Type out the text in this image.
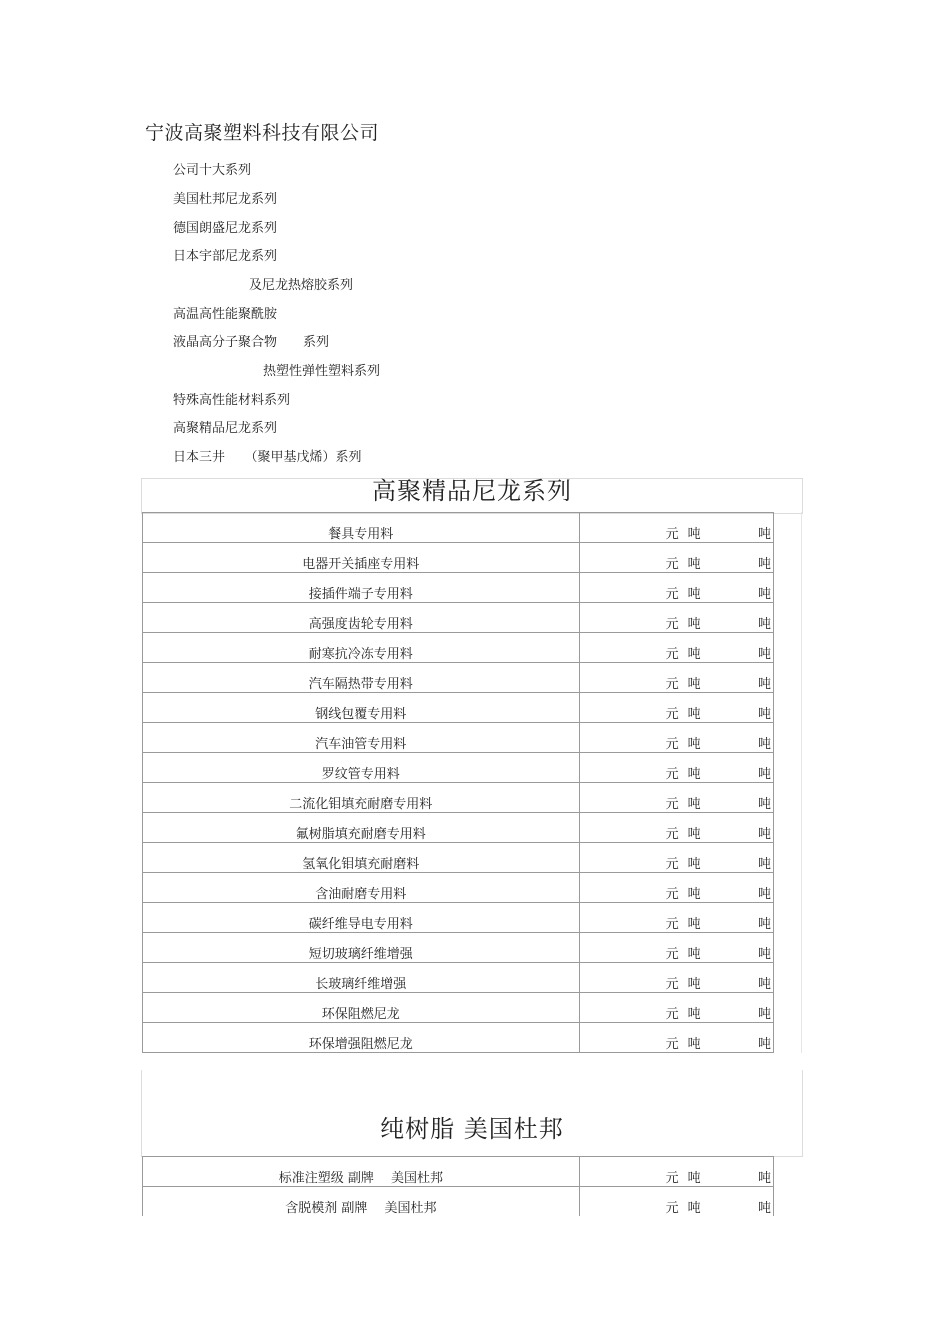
宁波高聚塑料科技有限公司
公司十大系列
美国杜邦尼龙系列
德国朗盛尼龙系列
日本宇部尼龙系列
及尼龙热熔胶系列
高温高性能聚酰胺
液晶高分子聚合物　　系列
热塑性弹性塑料系列
特殊高性能材料系列
高聚精品尼龙系列
日本三井　　（聚甲基戊烯）系列
高聚精品尼龙系列
餐具专用料	元 吨 吨

电器开关插座专用料	元 吨 吨

接插件端子专用料	元 吨 吨

高强度齿轮专用料	元 吨 吨

耐寒抗冷冻专用料	元 吨 吨

汽车隔热带专用料	元 吨 吨

钢线包覆专用料	元 吨 吨

汽车油管专用料	元 吨 吨

罗纹管专用料	元 吨 吨

二流化钼填充耐磨专用料	元 吨 吨

氟树脂填充耐磨专用料	元 吨 吨

氢氧化钼填充耐磨料	元 吨 吨

含油耐磨专用料	元 吨 吨

碳纤维导电专用料	元 吨 吨

短切玻璃纤维增强	元 吨 吨

长玻璃纤维增强	元 吨 吨

环保阻燃尼龙	元 吨 吨

环保增强阻燃尼龙	元 吨 吨
纯树脂 美国杜邦
标准注塑级 副牌　 美国杜邦	元 吨 吨

含脱模剂 副牌　 美国杜邦	元 吨 吨
